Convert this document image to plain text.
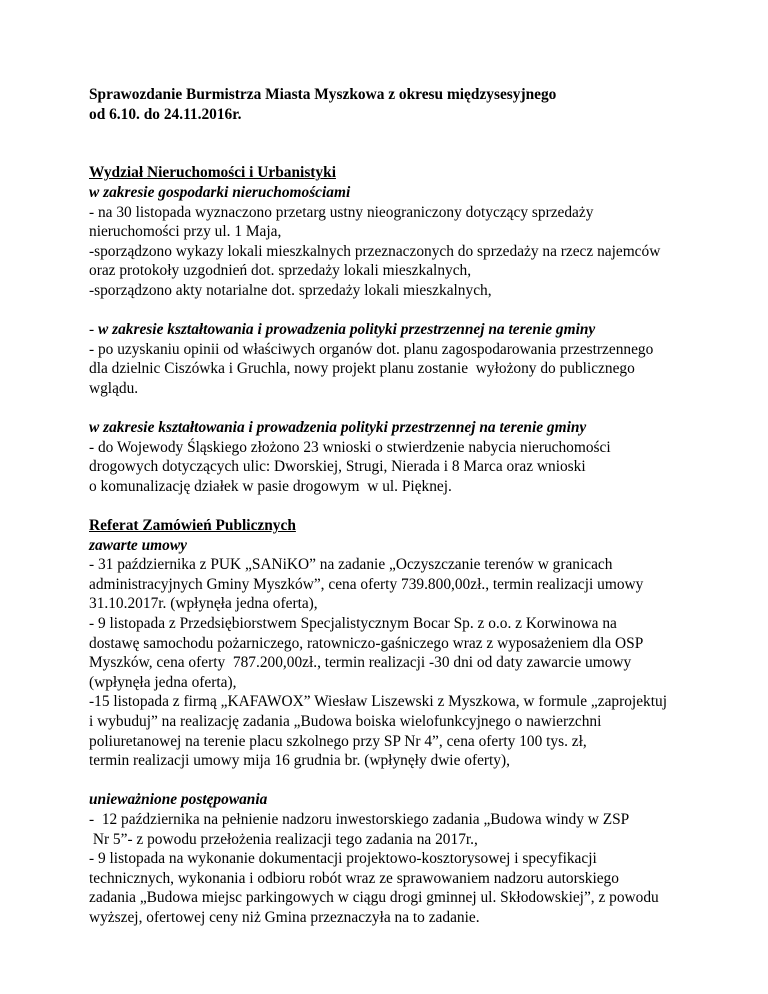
Sprawozdanie Burmistrza Miasta Myszkowa z okresu międzysesyjnego
od 6.10. do 24.11.2016r.
Wydział Nieruchomości i Urbanistyki
w zakresie gospodarki nieruchomościami
- na 30 listopada wyznaczono przetarg ustny nieograniczony dotyczący sprzedaży
nieruchomości przy ul. 1 Maja,
-sporządzono wykazy lokali mieszkalnych przeznaczonych do sprzedaży na rzecz najemców
oraz protokoły uzgodnień dot. sprzedaży lokali mieszkalnych,
-sporządzono akty notarialne dot. sprzedaży lokali mieszkalnych,
- w zakresie kształtowania i prowadzenia polityki przestrzennej na terenie gminy
- po uzyskaniu opinii od właściwych organów dot. planu zagospodarowania przestrzennego
dla dzielnic Ciszówka i Gruchla, nowy projekt planu zostanie  wyłożony do publicznego
wglądu.
w zakresie kształtowania i prowadzenia polityki przestrzennej na terenie gminy
- do Wojewody Śląskiego złożono 23 wnioski o stwierdzenie nabycia nieruchomości
drogowych dotyczących ulic: Dworskiej, Strugi, Nierada i 8 Marca oraz wnioski
o komunalizację działek w pasie drogowym  w ul. Pięknej.
Referat Zamówień Publicznych
zawarte umowy
- 31 października z PUK „SANiKO” na zadanie „Oczyszczanie terenów w granicach
administracyjnych Gminy Myszków”, cena oferty 739.800,00zł., termin realizacji umowy
31.10.2017r. (wpłynęła jedna oferta),
- 9 listopada z Przedsiębiorstwem Specjalistycznym Bocar Sp. z o.o. z Korwinowa na
dostawę samochodu pożarniczego, ratowniczo-gaśniczego wraz z wyposażeniem dla OSP
Myszków, cena oferty  787.200,00zł., termin realizacji -30 dni od daty zawarcie umowy
(wpłynęła jedna oferta),
-15 listopada z firmą „KAFAWOX” Wiesław Liszewski z Myszkowa, w formule „zaprojektuj
i wybuduj” na realizację zadania „Budowa boiska wielofunkcyjnego o nawierzchni
poliuretanowej na terenie placu szkolnego przy SP Nr 4”, cena oferty 100 tys. zł,
termin realizacji umowy mija 16 grudnia br. (wpłynęły dwie oferty),
unieważnione postępowania
-  12 października na pełnienie nadzoru inwestorskiego zadania „Budowa windy w ZSP
Nr 5”- z powodu przełożenia realizacji tego zadania na 2017r.,
- 9 listopada na wykonanie dokumentacji projektowo-kosztorysowej i specyfikacji
technicznych, wykonania i odbioru robót wraz ze sprawowaniem nadzoru autorskiego
zadania „Budowa miejsc parkingowych w ciągu drogi gminnej ul. Skłodowskiej”, z powodu
wyższej, ofertowej ceny niż Gmina przeznaczyła na to zadanie.
